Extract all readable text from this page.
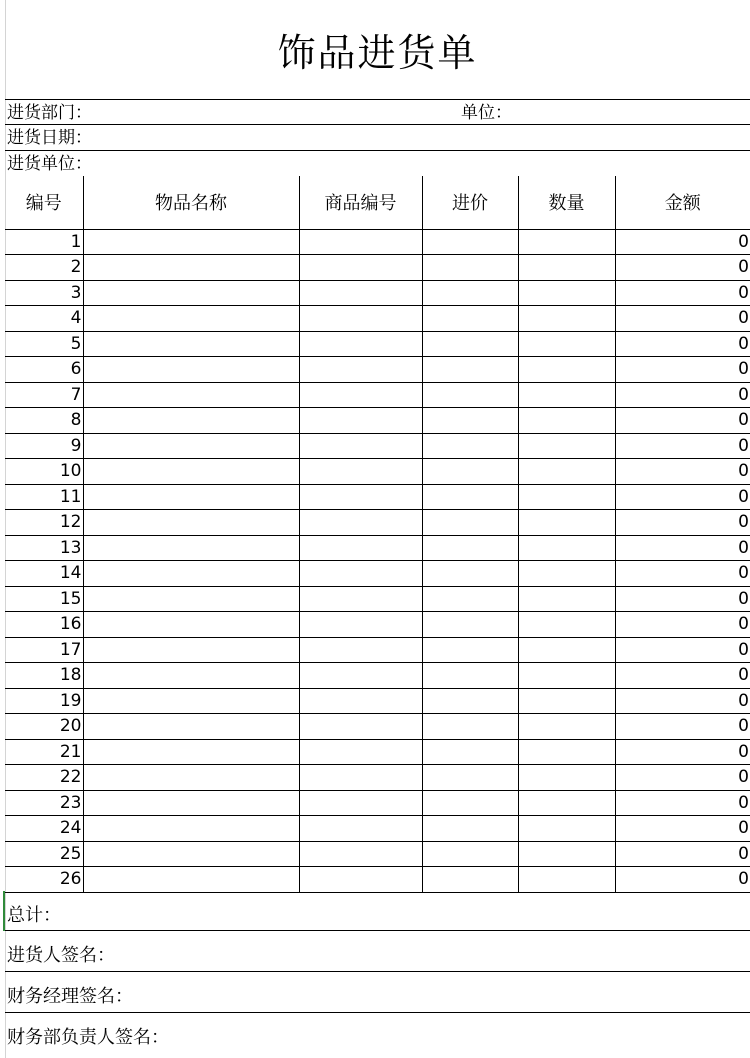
饰品进货单
进货部门：	单位：
进货日期：
进货单位：
编号	物品名称	商品编号	进价	数量	金额
1					0
2					0
3					0
4					0
5					0
6					0
7					0
8					0
9					0
10					0
11					0
12					0
13					0
14					0
15					0
16					0
17					0
18					0
19					0
20					0
21					0
22					0
23					0
24					0
25					0
26					0
总计：
进货人签名：
财务经理签名：
财务部负责人签名：
